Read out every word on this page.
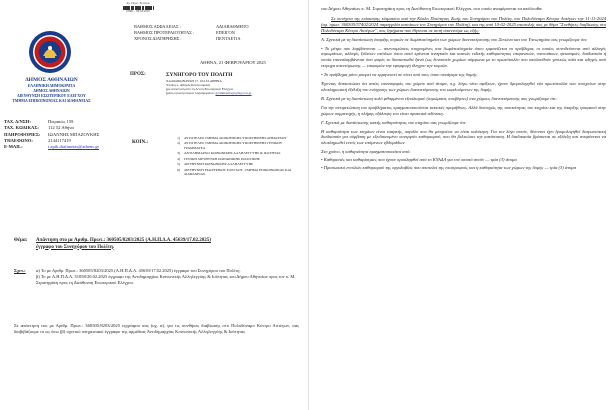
Αρ. Πρωτ. Εισόδου
01881 - 06/03/2025
ΔΗΜΟΣ ΑΘΗΝΑΙΩΝ
ΕΛΛΗΝΙΚΗ ΔΗΜΟΚΡΑΤΙΑ
ΔΗΜΟΣ ΑΘΗΝΑΙΩΝ
ΔΙΕΥΘΥΝΣΗ ΕΣΩΤΕΡΙΚΟΥ ΕΛΕΓΧΟΥ
ΤΜΗΜΑ ΕΠΙΚΟΙΝΩΝΙΑΣ ΚΑΙ ΔΙΑΦΑΝΕΙΑΣ
ΒΑΘΜΟΣ ΑΣΦΑΛΕΙΑΣ :	ΑΔΙΑΒΑΘΜΗΤΟ
ΒΑΘΜΟΣ ΠΡΟΤΕΡΑΙΟΤΗΤΑΣ :	ΕΠΕΙΓΟΝ
ΧΡΟΝΟΣ ΔΙΑΤΗΡΗΣΗΣ :	ΠΕΝΤΑΕΤΙΑ
ΑΘΗΝΑ, 21 ΦΕΒΡΟΥΑΡΙΟΥ 2025
ΠΡΟΣ:	ΣΥΝΗΓΟΡΟ ΤΟΥ ΠΟΛΙΤΗ
ΧΑΛΚΟΚΟΝΔΥΛΗ 17, 104 32 ΑΘΗΝΑ
Υπόψη κ. Αθηνάς Κουτρουμάνη
(με αποστολή από τη Δ/νση Εσωτερικού Ελέγχου
(μέσω ηλεκτρονικού ταχυδρομείου: grammateia@synigoros.gr
ΤΑΧ. Δ/ΝΣΗ:	Πειραιώς 159
ΤΑΧ. ΚΩΔΙΚΑΣ:	112 52 Αθήνα
ΠΛΗΡΟΦΟΡΙΕΣ:	ΙΩΑΝΝΗΣ ΜΠΑΖΟΥΚΗΣ
ΤΗΛΕΦΩΝΟ:	2144117419
E-MAIL:	i.apik.diafaneias@athens.gr
ΚΟΙΝ.:
1)	ΑΥΤΟΤΕΛΕΣ ΤΜΗΜΑ ΔΙΟΙΚΗΤΙΚΗΣ ΥΠΟΣΤΗΡΙΞΗΣ ΔΗΜΑΡΧΟΥ
2)	ΑΥΤΟΤΕΛΕΣ ΤΜΗΜΑ ΔΙΟΙΚΗΤΙΚΗΣ ΥΠΟΣΤΗΡΙΞΗΣ ΓΕΝΙΚΟΥ ΓΡΑΜΜΑΤΕΑ
3)	ΑΝΤΙΔΗΜΑΡΧΟ ΚΟΙΝΩΝΙΚΗΣ ΑΛΛΗΛΕΓΓΥΗΣ & ΙΣΟΤΗΤΑΣ
4)	ΓΕΝΙΚΗ ΔΙΕΥΘΥΝΣΗ ΚΟΙΝΩΝΙΚΗΣ ΠΟΛΙΤΙΚΗΣ
5)	ΔΙΕΥΘΥΝΣΗ ΚΟΙΝΩΝΙΚΗΣ ΑΛΛΗΛΕΓΓΥΗΣ
6)	ΔΙΕΥΘΥΝΣΗ ΕΣΩΤΕΡΙΚΟΥ ΕΛΕΓΧΟΥ -ΤΜΗΜΑ ΕΠΙΚΟΙΝΩΝΙΑΣ ΚΑΙ ΔΙΑΦΑΝΕΙΑΣ
Θέμα: Απάντηση στο με Αριθμ. Πρωτ.: 360505/8203/2025 (Α.Η.Π.Δ.Α. 45639/17.02.2025)
έγγραφο του Συνηγόρου του Πολίτη.
Σχετ.:	α) Το με Αριθμ. Πρωτ.: 360505/8203/2025 (Α.Η.Π.Δ.Α. 45639/17.02.2025) έγγραφο του Συνηγόρου του Πολίτη.
β) Το με Α.Η.Π.Δ.Α. 51058/20.02.2025 έγγραφο της Αντιδημαρχίας Κοινωνικής Αλληλεγγύης & Ισότητας του Δήμου Αθηναίων προς τον κ. Μ. Στρατηγάκη προς τη Διεύθυνση Εσωτερικού Ελέγχου.
Σε απάντηση του με Αριθμ. Πρωτ.: 360505/8203/2025 εγγράφου σας (σχ. α), για τις συνθήκες διαβίωσης στο Πολυδύναμο Κέντρο Αστέγων, σας διαβιβάζουμε το ως άνω (β) σχετικό υπηρεσιακό έγγραφο της αρμόδιας Αντιδημαρχίας Κοινωνικής Αλληλεγγύης & Ισότητας

του Δήμου Αθηναίων κ. Μ. Στρατηγάκη προς τη Διεύθυνση Εσωτερικού Ελέγχου, στο οποίο αναφέρονται τα ακόλουθα:

Σε συνέχεια της επίσκεψης κλιμακίου από την Κύκλο Ποιότητας Ζωής του Συνηγόρου του Πολίτη, στο Πολυδύναμο Κέντρο Αστέγων την 11-11-2024 (αρ. πρωτ. 360505/57402/2024 παραγγελία κατοίκων του Συνηγόρου του Πολίτη), και της από 10-02-2025 επιστολής σας με θέμα "Συνθήκες διαβίωσης στο Πολυδύναμο Κέντρο Αστέγων", σας ζητήματα που θίγονται σε αυτή απαντούμε ως εξής:

Α. Σχετικά με τη διαπίστωση ύπαρξης κοριών σε δωμάτια/σημεία των χώρων διανυκτέρευσης του Ξενώνα και του Υπνωτηρίου σας γνωρίζουμε ότι:

• Το μέτρο που λαμβάνονται — απεντομώσεις στοχευμένες στα δωμάτια/σημεία όπου εμφανίζεται το πρόβλημα, οι οποίες συνοδεύονται από αλλαγές στρωμάτων, αλλαγές ξύλινων επίπλων όπου αυτό κρίνεται αναγκαίο και καινών ειδικής καθαριότητας επιφανειών, υπνοσάκων, ψεκασμών, διαδικασία ή οποία επαναλαμβάνεται όσο φορές το διαπιστωθεί ξανά (ως δυναστείν χωρίων σύμφωνα με το πρωτόκολλο που ακολουθούν γενικώς πάλι και οδηγός από ετεροχα απεντόμωσης — επιφορών την εφαρμογή έλεγχου την κοριών.

• Το πρόβλημα μόνο μπορεί να ερμηνευτεί σε πίνει από τους όπου συνάγαμε της δομής.

Έχοντας διαπιστώσει ότι αιτίες επαναφοράς του χώρου από άτομα, π.χ. λόγω νέου αφίξεων, έχουν δρομολογηθεί νέα πρωτόκολλα των στοιχείων στην ολοκληρωτική έξέλιξη του ενίσχυσης των χώρων διανυκτέρευσης του ωφελούμενων της δομής.

Β. Σχετικά με τη διαπίστωση πολύ φθαρμένου εξοπλισμού (στρώματα, κουβέρτες) στα χώρους διανυκτέρευσης σας γνωρίζουμε ότι:

Για την αντιμετώπιση του προβλήματος πραγματοποιούνται τακτικές προμήθειες. Αλλά δυστυχώς της τοπικότητας του κτηρίου και της ύπαρξης τροφικού στην χώρων συμμετοχής, η πλήρης εξάλειψη του είναι πρακτικά αδύνατη.

Γ. Σχετικά με διαπίστωσης κακής καθαριότητας του κτηρίου σας γνωρίζουμε ότι:

Η καθαριότητα των κτηρίων είναι επαρκής, παρόλο που θα μπορούσε να είναι καλύτερη. Για τον λόγο αυτόν, δίνονται έχει δρομολογηθεί διαγωνιστική διαδικασία για σύμβαση με εξειδικευμένο συνεργείο καθαρισμού, που θα βελτιώσει την κατάσταση. Η διαδικασία βρίσκεται σε εξέλιξη και αναμένεται να ολοκληρωθεί εντός των επόμενων εβδομάδων.

Στο χρόνο, η καθαριότητα πραγματοποιείται από:

• Καθαριστές και καθαρίστριες που έχουν προσληφθεί από το ΚΥΑΔΑ για τον σκοπό αυτόν — τρία (3) άτομα

• Προσωπικό εντολών καθαρισμού της εργολαβίας που αποτελεί της επιστροφούς και η καθαριότητα των χώρων της δομής — τρία (3) άτομα
